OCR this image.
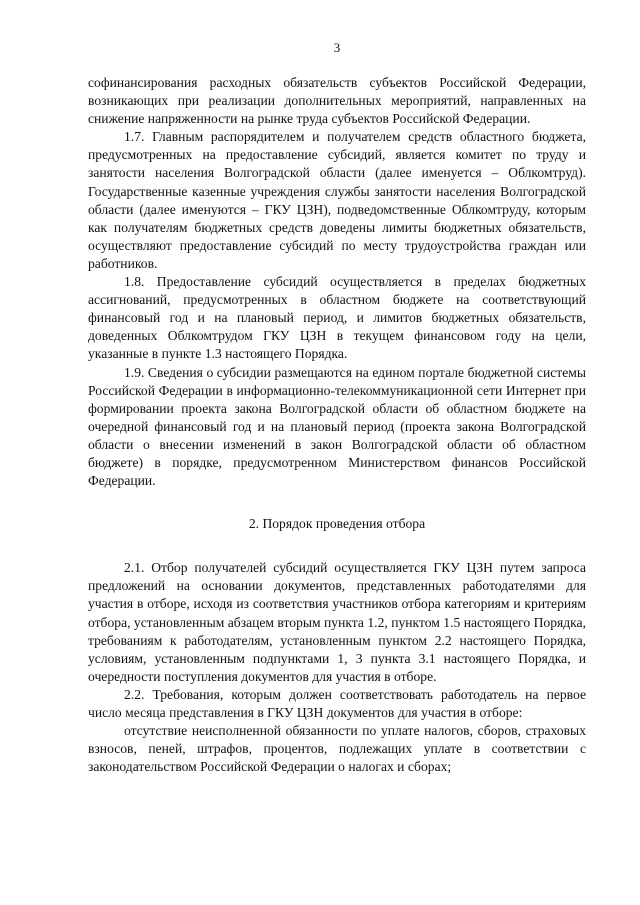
3

софинансирования расходных обязательств субъектов Российской Федерации, возникающих при реализации дополнительных мероприятий, направленных на снижение напряженности на рынке труда субъектов Российской Федерации.

1.7. Главным распорядителем и получателем средств областного бюджета, предусмотренных на предоставление субсидий, является комитет по труду и занятости населения Волгоградской области (далее именуется – Облкомтруд). Государственные казенные учреждения службы занятости населения Волгоградской области (далее именуются – ГКУ ЦЗН), подведомственные Облкомтруду, которым как получателям бюджетных средств доведены лимиты бюджетных обязательств, осуществляют предоставление субсидий по месту трудоустройства граждан или работников.

1.8. Предоставление субсидий осуществляется в пределах бюджетных ассигнований, предусмотренных в областном бюджете на соответствующий финансовый год и на плановый период, и лимитов бюджетных обязательств, доведенных Облкомтрудом ГКУ ЦЗН в текущем финансовом году на цели, указанные в пункте 1.3 настоящего Порядка.

1.9. Сведения о субсидии размещаются на едином портале бюджетной системы Российской Федерации в информационно-телекоммуникационной сети Интернет при формировании проекта закона Волгоградской области об областном бюджете на очередной финансовый год и на плановый период (проекта закона Волгоградской области о внесении изменений в закон Волгоградской области об областном бюджете) в порядке, предусмотренном Министерством финансов Российской Федерации.

2. Порядок проведения отбора

2.1. Отбор получателей субсидий осуществляется ГКУ ЦЗН путем запроса предложений на основании документов, представленных работодателями для участия в отборе, исходя из соответствия участников отбора категориям и критериям отбора, установленным абзацем вторым пункта 1.2, пунктом 1.5 настоящего Порядка, требованиям к работодателям, установленным пунктом 2.2 настоящего Порядка, условиям, установленным подпунктами 1, 3 пункта 3.1 настоящего Порядка, и очередности поступления документов для участия в отборе.

2.2. Требования, которым должен соответствовать работодатель на первое число месяца представления в ГКУ ЦЗН документов для участия в отборе:

отсутствие неисполненной обязанности по уплате налогов, сборов, страховых взносов, пеней, штрафов, процентов, подлежащих уплате в соответствии с законодательством Российской Федерации о налогах и сборах;
